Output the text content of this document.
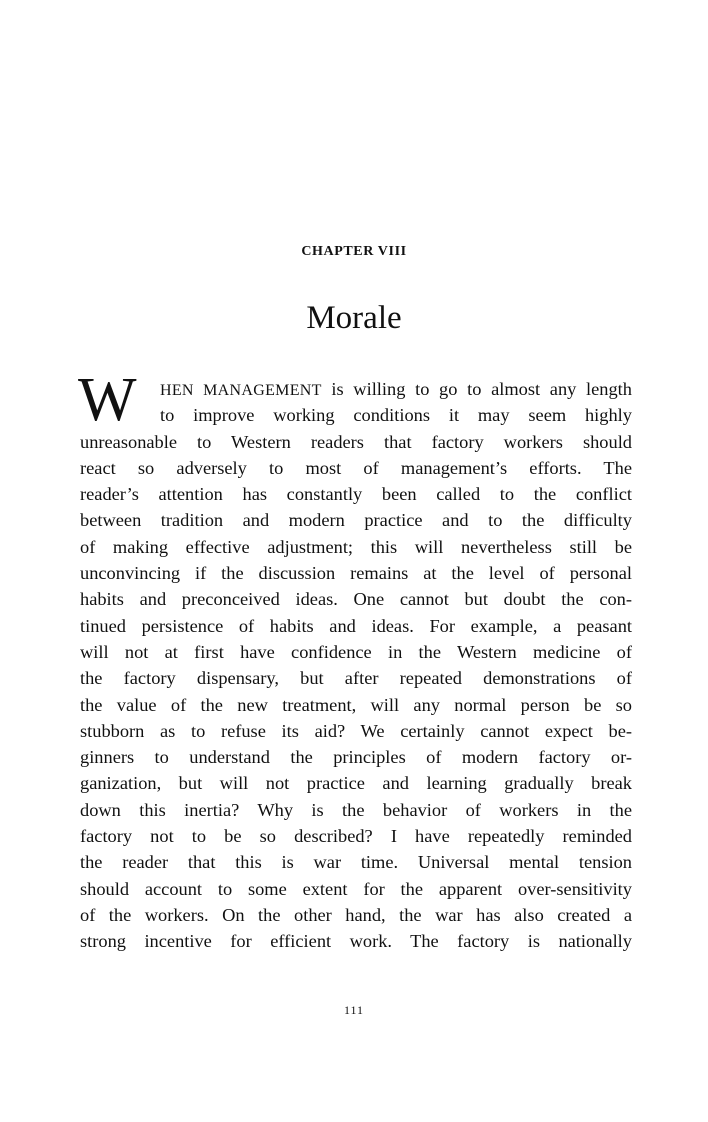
CHAPTER VIII
Morale
W	HEN MANAGEMENT is willing to go to almost any length
to improve working conditions it may seem highly
unreasonable to Western readers that factory workers should
react so adversely to most of management’s efforts. The
reader’s attention has constantly been called to the conflict
between tradition and modern practice and to the difficulty
of making effective adjustment; this will nevertheless still be
unconvincing if the discussion remains at the level of personal
habits and preconceived ideas. One cannot but doubt the con-
tinued persistence of habits and ideas. For example, a peasant
will not at first have confidence in the Western medicine of
the factory dispensary, but after repeated demonstrations of
the value of the new treatment, will any normal person be so
stubborn as to refuse its aid? We certainly cannot expect be-
ginners to understand the principles of modern factory or-
ganization, but will not practice and learning gradually break
down this inertia? Why is the behavior of workers in the
factory not to be so described? I have repeatedly reminded
the reader that this is war time. Universal mental tension
should account to some extent for the apparent over-sensitivity
of the workers. On the other hand, the war has also created a
strong incentive for efficient work. The factory is nationally
111
